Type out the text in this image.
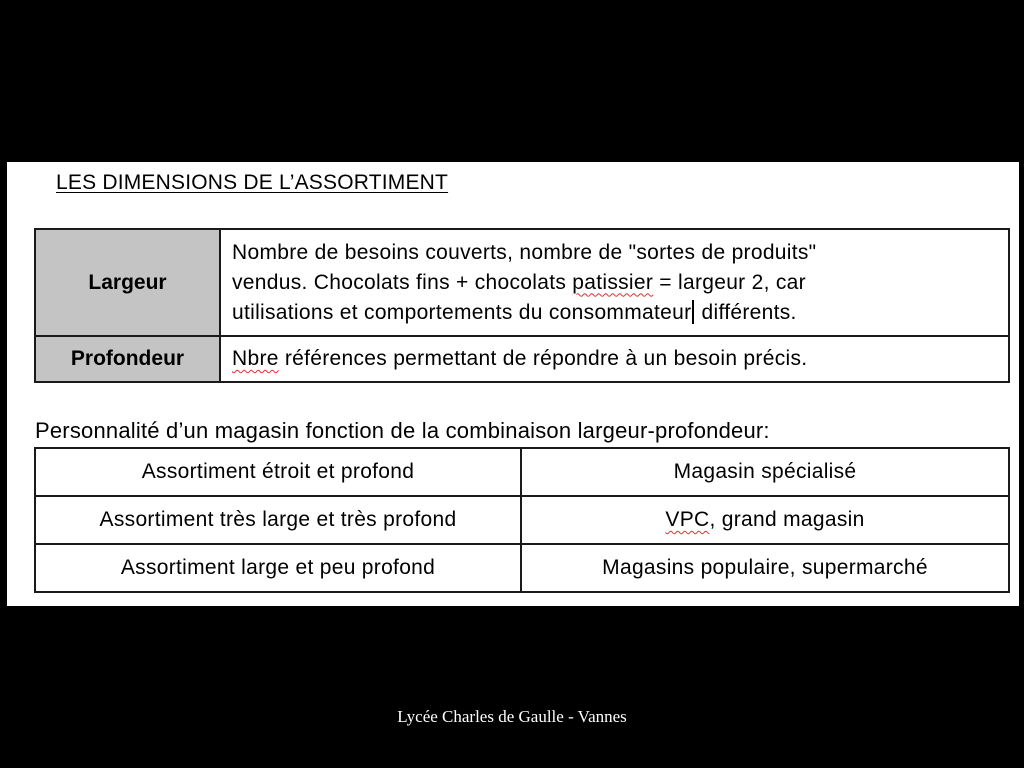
LES DIMENSIONS DE L’ASSORTIMENT
Largeur	Nombre de besoins couverts, nombre de "sortes de produits"
vendus. Chocolats fins + chocolats patissier = largeur 2, car
utilisations et comportements du consommateur différents.

Profondeur	Nbre références permettant de répondre à un besoin précis.

Personnalité d’un magasin fonction de la combinaison largeur-profondeur:

Assortiment étroit et profond	Magasin spécialisé
Assortiment très large et très profond	VPC, grand magasin
Assortiment large et peu profond	Magasins populaire, supermarché
Lycée Charles de Gaulle - Vannes
